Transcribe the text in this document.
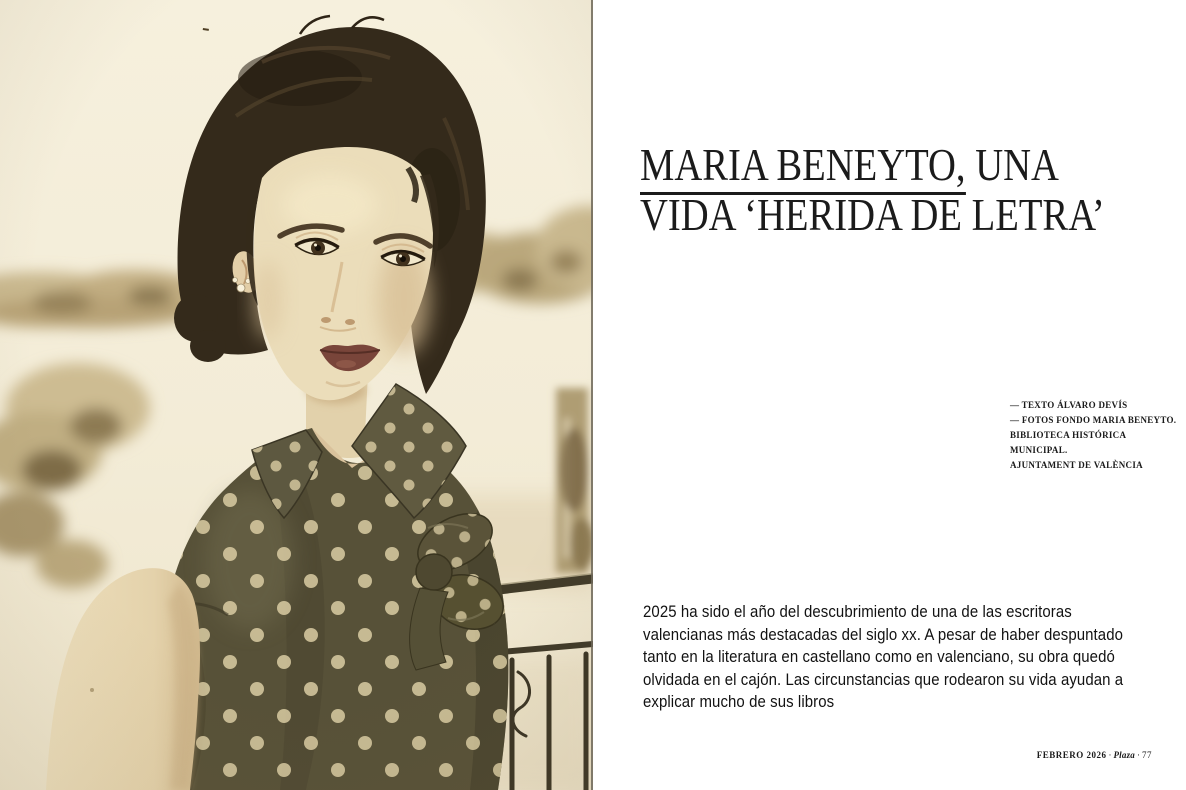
MARIA BENEYTO, UNA
VIDA ‘HERIDA DE LETRA’
— TEXTO ÁLVARO DEVÍS
— FOTOS FONDO MARIA BENEYTO.
BIBLIOTECA HISTÓRICA MUNICIPAL.
AJUNTAMENT DE VALÈNCIA
2025 ha sido el año del descubrimiento de una de las escritoras
valencianas más destacadas del siglo xx. A pesar de haber despuntado
tanto en la literatura en castellano como en valenciano, su obra quedó
olvidada en el cajón. Las circunstancias que rodearon su vida ayudan a
explicar mucho de sus libros
FEBRERO 2026 · Plaza · 77
